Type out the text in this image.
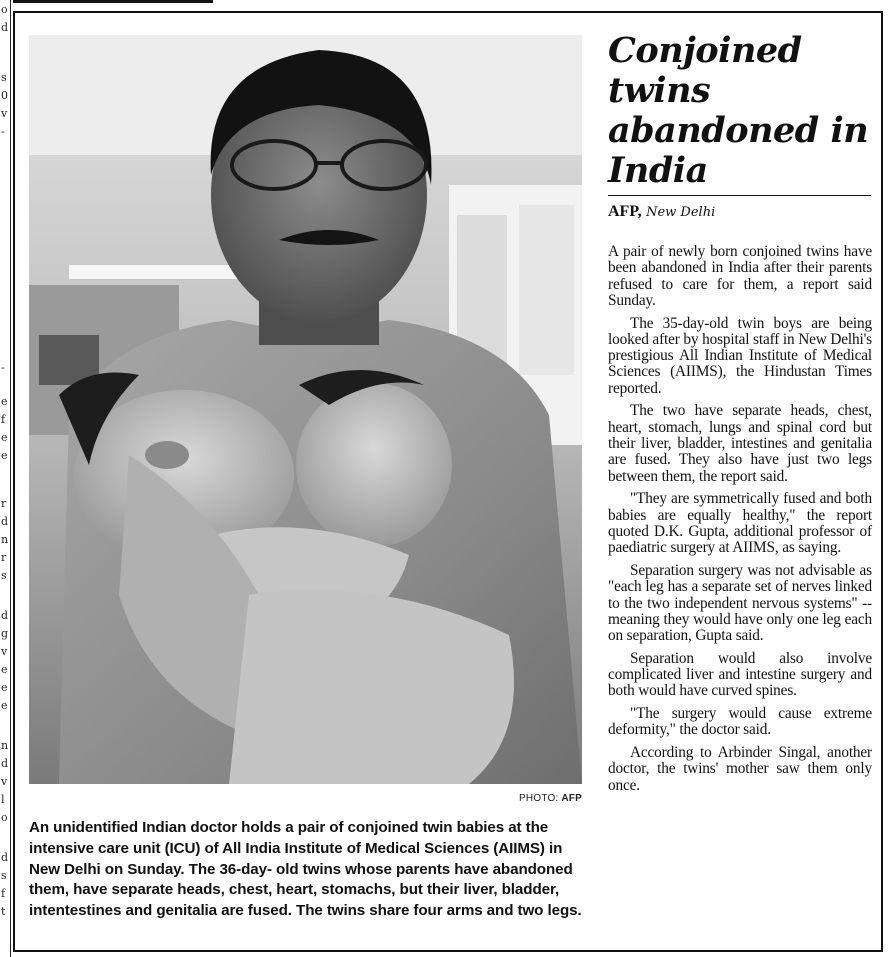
o
d
s
0
v
-
-
e
f
e
e
r
d
n
r
s
d
g
v
e
e
e
n
d
v
l
o
d
s
f
t
PHOTO: AFP
An unidentified Indian doctor holds a pair of conjoined twin babies at the intensive care unit (ICU) of All India Institute of Medical Sciences (AIIMS) in New Delhi on Sunday. The 36-day- old twins whose parents have abandoned them, have separate heads, chest, heart, stomachs, but their liver, bladder, intentestines and genitalia are fused. The twins share four arms and two legs.
Conjoined twins abandoned in India
AFP, New Delhi

A pair of newly born conjoined twins have been abandoned in India after their parents refused to care for them, a report said Sunday.

The 35-day-old twin boys are being looked after by hospital staff in New Delhi's prestigious All Indian Institute of Medical Sciences (AIIMS), the Hindustan Times reported.

The two have separate heads, chest, heart, stomach, lungs and spinal cord but their liver, bladder, intestines and genitalia are fused. They also have just two legs between them, the report said.

"They are symmetrically fused and both babies are equally healthy," the report quoted D.K. Gupta, additional professor of paediatric surgery at AIIMS, as saying.

Separation surgery was not advisable as "each leg has a separate set of nerves linked to the two independent nervous systems" -- meaning they would have only one leg each on separation, Gupta said.

Separation would also involve complicated liver and intestine surgery and both would have curved spines.

"The surgery would cause extreme deformity," the doctor said.

According to Arbinder Singal, another doctor, the twins' mother saw them only once.
